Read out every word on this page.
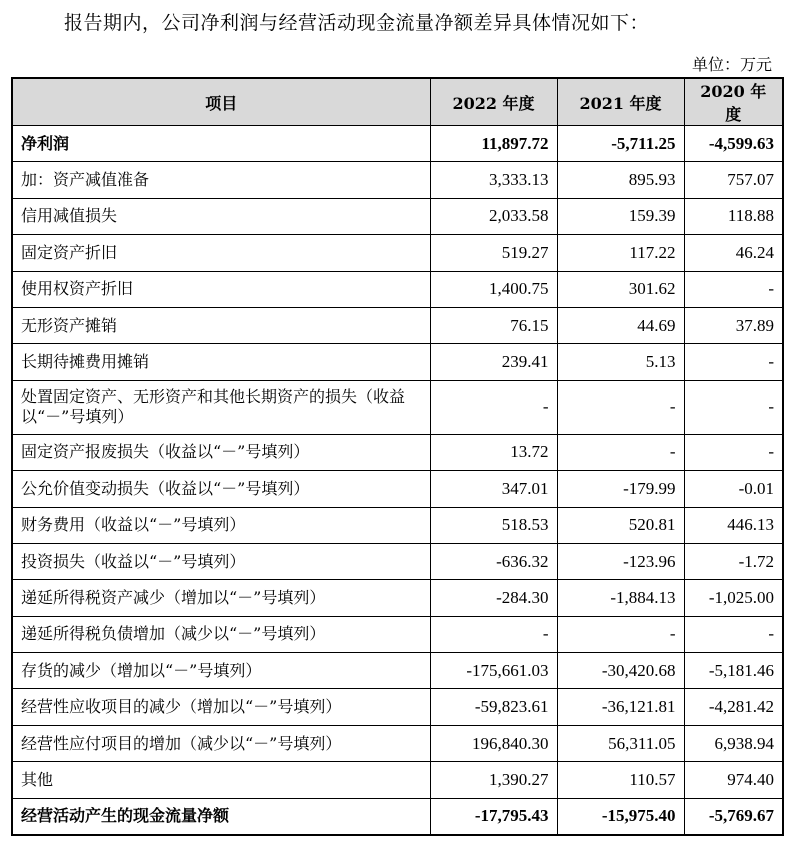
报告期内，公司净利润与经营活动现金流量净额差异具体情况如下：
单位：万元
项目	2022 年度	2021 年度	2020 年度
净利润	11,897.72	-5,711.25	-4,599.63
加：资产减值准备	3,333.13	895.93	757.07
信用减值损失	2,033.58	159.39	118.88
固定资产折旧	519.27	117.22	46.24
使用权资产折旧	1,400.75	301.62	-
无形资产摊销	76.15	44.69	37.89
长期待摊费用摊销	239.41	5.13	-
处置固定资产、无形资产和其他长期资产的损失（收益以“－”号填列）	-	-	-
固定资产报废损失（收益以“－”号填列）	13.72	-	-
公允价值变动损失（收益以“－”号填列）	347.01	-179.99	-0.01
财务费用（收益以“－”号填列）	518.53	520.81	446.13
投资损失（收益以“－”号填列）	-636.32	-123.96	-1.72
递延所得税资产减少（增加以“－”号填列）	-284.30	-1,884.13	-1,025.00
递延所得税负债增加（减少以“－”号填列）	-	-	-
存货的减少（增加以“－”号填列）	-175,661.03	-30,420.68	-5,181.46
经营性应收项目的减少（增加以“－”号填列）	-59,823.61	-36,121.81	-4,281.42
经营性应付项目的增加（减少以“－”号填列）	196,840.30	56,311.05	6,938.94
其他	1,390.27	110.57	974.40
经营活动产生的现金流量净额	-17,795.43	-15,975.40	-5,769.67
